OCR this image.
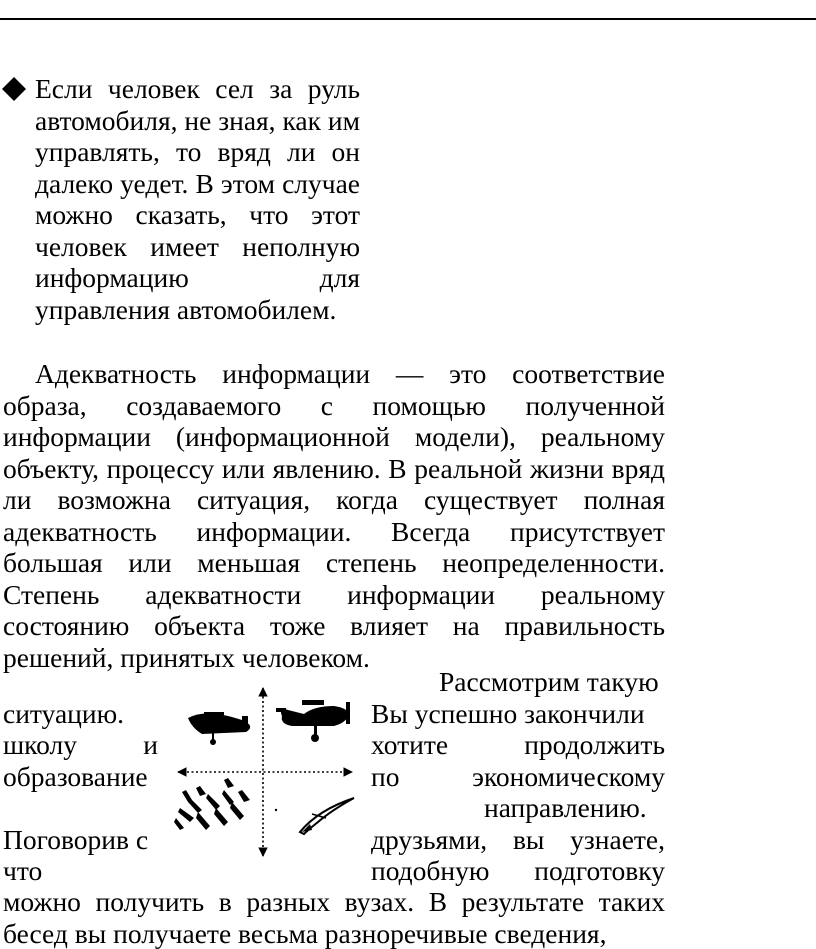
Если человек сел за руль автомобиля, не зная, как им управлять, то вряд ли он далеко уедет. В этом случае можно сказать, что этот человек имеет неполную информацию для управления автомобилем.

Адекватность информации — это соответствие образа, создаваемого с помощью полученной информации (информационной модели), реальному объекту, процессу или явлению. В реальной жизни вряд ли возможна ситуация, когда существует полная адекватность информации. Всегда присутствует большая или меньшая степень неопределенности. Степень адекватности информации реальному состоянию объекта тоже влияет на правильность решений, принятых человеком.

Рассмотрим такую
ситуацию.
школу и
образование
Поговорив с
что
Вы успешно закончили
хотите	продолжить
по	экономическому
направлению.
друзьями, вы узнаете,
подобную подготовку

можно получить в разных вузах. В результате таких бесед вы получаете весьма разноречивые сведения,
